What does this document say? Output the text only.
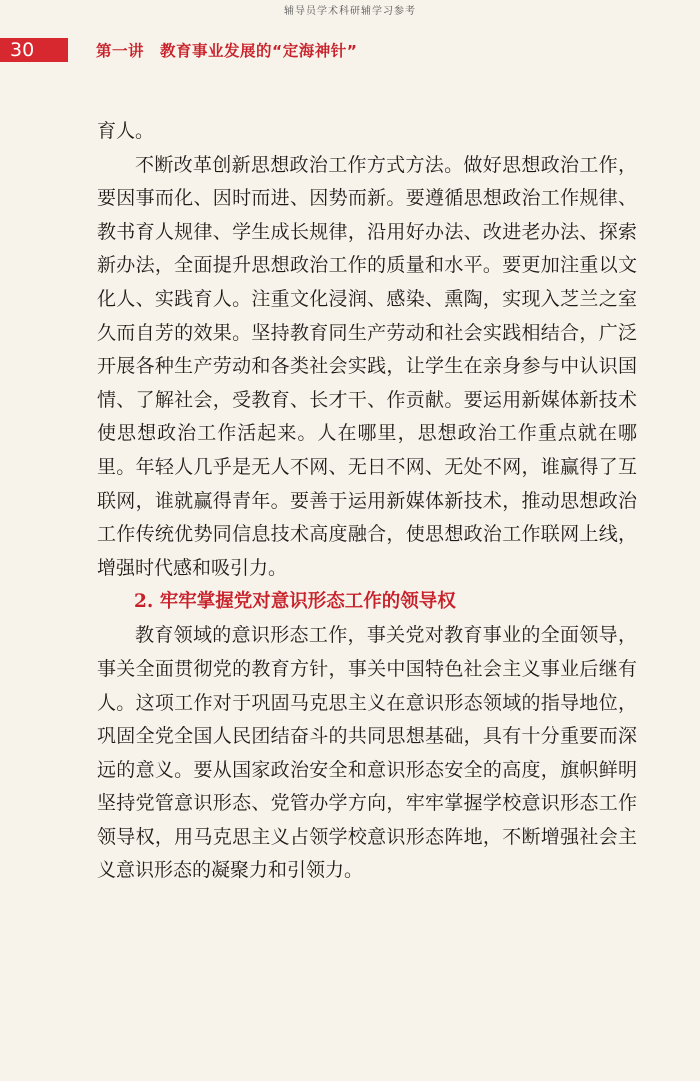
辅导员学术科研辅学习参考
30	第一讲　教育事业发展的“定海神针”

育人。

不断改革创新思想政治工作方式方法。做好思想政治工作，要因事而化、因时而进、因势而新。要遵循思想政治工作规律、教书育人规律、学生成长规律，沿用好办法、改进老办法、探索新办法，全面提升思想政治工作的质量和水平。要更加注重以文化人、实践育人。注重文化浸润、感染、熏陶，实现入芝兰之室久而自芳的效果。坚持教育同生产劳动和社会实践相结合，广泛开展各种生产劳动和各类社会实践，让学生在亲身参与中认识国情、了解社会，受教育、长才干、作贡献。要运用新媒体新技术使思想政治工作活起来。人在哪里，思想政治工作重点就在哪里。年轻人几乎是无人不网、无日不网、无处不网，谁赢得了互联网，谁就赢得青年。要善于运用新媒体新技术，推动思想政治工作传统优势同信息技术高度融合，使思想政治工作联网上线，增强时代感和吸引力。

2. 牢牢掌握党对意识形态工作的领导权

教育领域的意识形态工作，事关党对教育事业的全面领导，事关全面贯彻党的教育方针，事关中国特色社会主义事业后继有人。这项工作对于巩固马克思主义在意识形态领域的指导地位，巩固全党全国人民团结奋斗的共同思想基础，具有十分重要而深远的意义。要从国家政治安全和意识形态安全的高度，旗帜鲜明坚持党管意识形态、党管办学方向，牢牢掌握学校意识形态工作领导权，用马克思主义占领学校意识形态阵地，不断增强社会主义意识形态的凝聚力和引领力。
